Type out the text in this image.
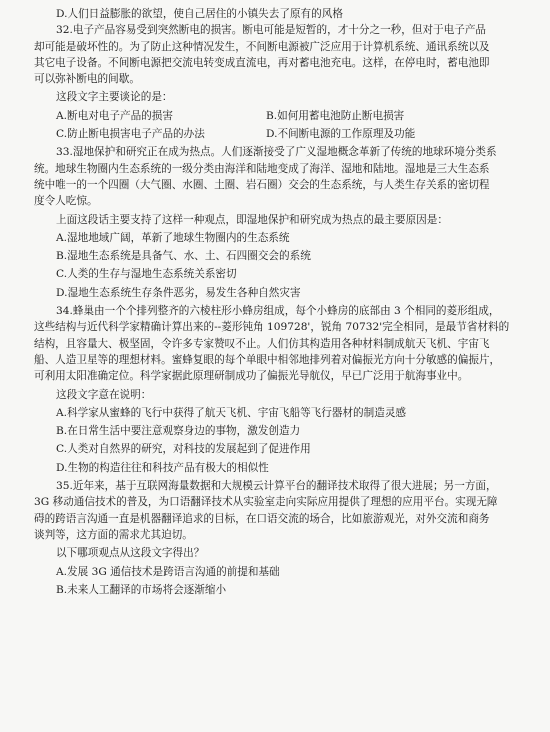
D.人们日益膨胀的欲望，使自己居住的小镇失去了原有的风格
32.电子产品容易受到突然断电的损害。断电可能是短暂的，才十分之一秒，但对于电子产品
却可能是破坏性的。为了防止这种情况发生，不间断电源被广泛应用于计算机系统、通讯系统以及
其它电子设备。不间断电源把交流电转变成直流电，再对蓄电池充电。这样，在停电时，蓄电池即
可以弥补断电的间歇。
这段文字主要谈论的是：
A.断电对电子产品的损害	B.如何用蓄电池防止断电损害
C.防止断电损害电子产品的办法	D.不间断电源的工作原理及功能
33.湿地保护和研究正在成为热点。人们逐渐接受了广义湿地概念革新了传统的地球环境分类系
统。地球生物圈内生态系统的一级分类由海洋和陆地变成了海洋、湿地和陆地。湿地是三大生态系
统中唯一的一个四圈（大气圈、水圈、土圈、岩石圈）交会的生态系统，与人类生存关系的密切程
度令人吃惊。
上面这段话主要支持了这样一种观点，即湿地保护和研究成为热点的最主要原因是：
A.湿地地域广阔，革新了地球生物圈内的生态系统
B.湿地生态系统是具备气、水、土、石四圈交会的系统
C.人类的生存与湿地生态系统关系密切
D.湿地生态系统生存条件恶劣，易发生各种自然灾害
34.蜂巢由一个个排列整齐的六棱柱形小蜂房组成，每个小蜂房的底部由 3 个相同的菱形组成，
这些结构与近代科学家精确计算出来的--菱形钝角 109728'，锐角 70732'完全相同，是最节省材料的
结构，且容量大、极坚固，令许多专家赞叹不止。人们仿其构造用各种材料制成航天飞机、宇宙飞
船、人造卫星等的理想材料。蜜蜂复眼的每个单眼中相邻地排列着对偏振光方向十分敏感的偏振片，
可利用太阳准确定位。科学家据此原理研制成功了偏振光导航仪，早已广泛用于航海事业中。
这段文字意在说明：
A.科学家从蜜蜂的飞行中获得了航天飞机、宇宙飞船等飞行器材的制造灵感
B.在日常生活中要注意观察身边的事物，激发创造力
C.人类对自然界的研究，对科技的发展起到了促进作用
D.生物的构造往往和科技产品有极大的相似性
35.近年来，基于互联网海量数据和大规模云计算平台的翻译技术取得了很大进展；另一方面，
3G 移动通信技术的普及，为口语翻译技术从实验室走向实际应用提供了理想的应用平台。实现无障
碍的跨语言沟通一直是机器翻译追求的目标，在口语交流的场合，比如旅游观光，对外交流和商务
谈判等，这方面的需求尤其迫切。
以下哪项观点从这段文字得出？
A.发展 3G 通信技术是跨语言沟通的前提和基础
B.未来人工翻译的市场将会逐渐缩小
